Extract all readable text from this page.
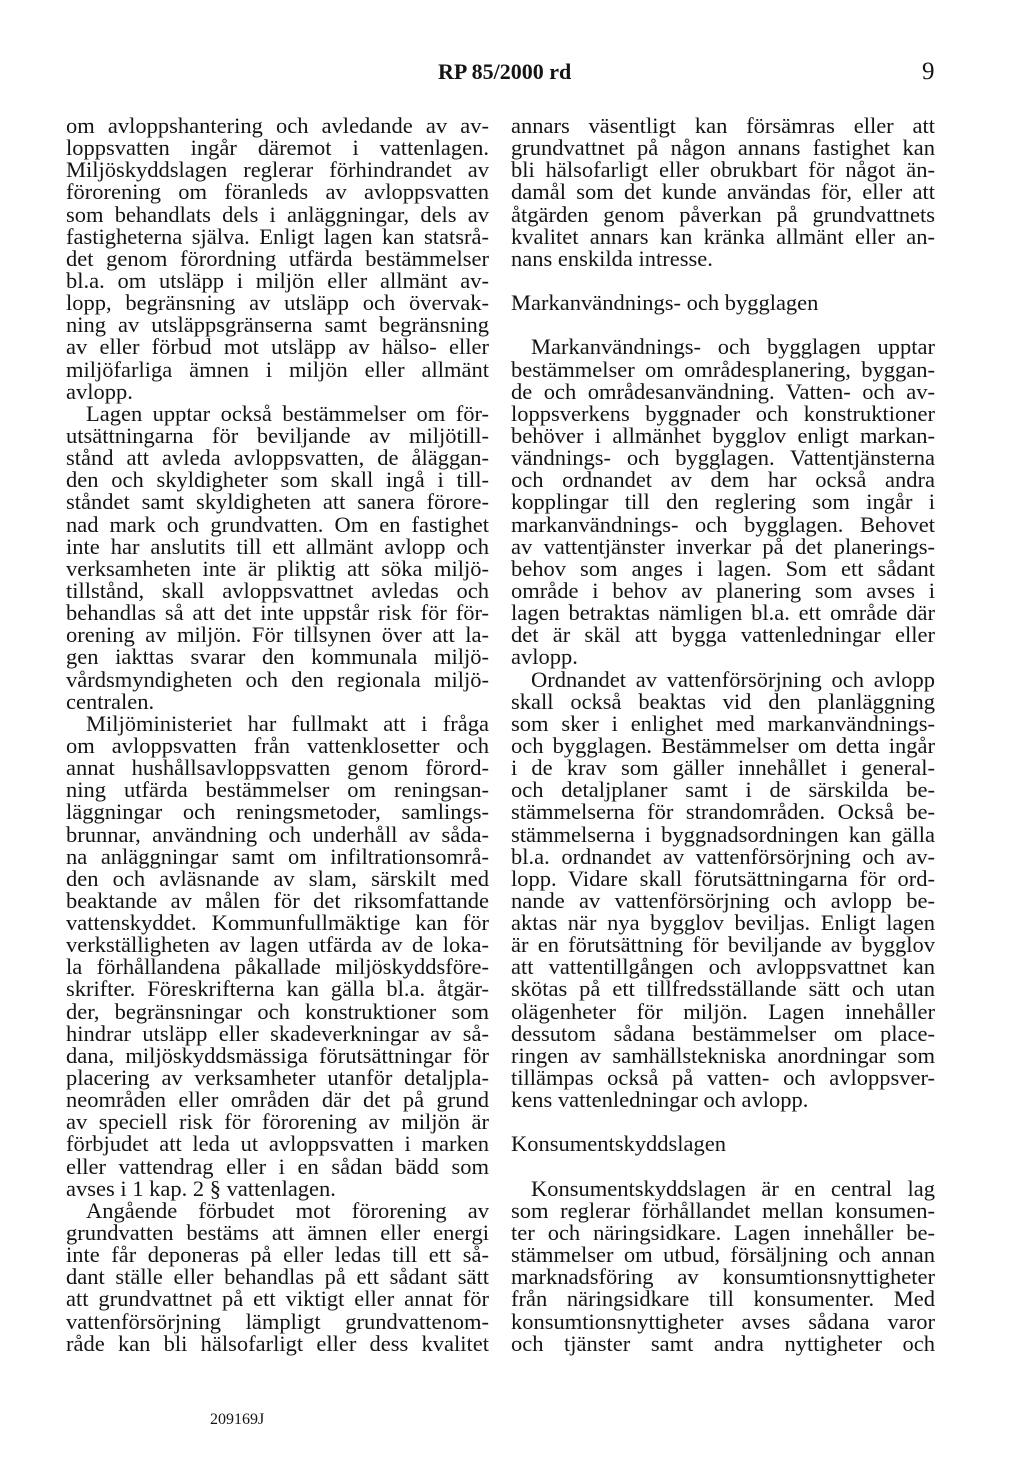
RP 85/2000 rd	9
om avloppshantering och avledande av av-
loppsvatten ingår däremot i vattenlagen.
Miljöskyddslagen reglerar förhindrandet av
förorening om föranleds av avloppsvatten
som behandlats dels i anläggningar, dels av
fastigheterna själva. Enligt lagen kan statsrå-
det genom förordning utfärda bestämmelser
bl.a. om utsläpp i miljön eller allmänt av-
lopp, begränsning av utsläpp och övervak-
ning av utsläppsgränserna samt begränsning
av eller förbud mot utsläpp av hälso- eller
miljöfarliga ämnen i miljön eller allmänt
avlopp.
Lagen upptar också bestämmelser om för-
utsättningarna för beviljande av miljötill-
stånd att avleda avloppsvatten, de åläggan-
den och skyldigheter som skall ingå i till-
ståndet samt skyldigheten att sanera förore-
nad mark och grundvatten. Om en fastighet
inte har anslutits till ett allmänt avlopp och
verksamheten inte är pliktig att söka miljö-
tillstånd, skall avloppsvattnet avledas och
behandlas så att det inte uppstår risk för för-
orening av miljön. För tillsynen över att la-
gen iakttas svarar den kommunala miljö-
vårdsmyndigheten och den regionala miljö-
centralen.
Miljöministeriet har fullmakt att i fråga
om avloppsvatten från vattenklosetter och
annat hushållsavloppsvatten genom förord-
ning utfärda bestämmelser om reningsan-
läggningar och reningsmetoder, samlings-
brunnar, användning och underhåll av såda-
na anläggningar samt om infiltrationsområ-
den och avläsnande av slam, särskilt med
beaktande av målen för det riksomfattande
vattenskyddet. Kommunfullmäktige kan för
verkställigheten av lagen utfärda av de loka-
la förhållandena påkallade miljöskyddsföre-
skrifter. Föreskrifterna kan gälla bl.a. åtgär-
der, begränsningar och konstruktioner som
hindrar utsläpp eller skadeverkningar av så-
dana, miljöskyddsmässiga förutsättningar för
placering av verksamheter utanför detaljpla-
neområden eller områden där det på grund
av speciell risk för förorening av miljön är
förbjudet att leda ut avloppsvatten i marken
eller vattendrag eller i en sådan bädd som
avses i 1 kap. 2 § vattenlagen.
Angående förbudet mot förorening av
grundvatten bestäms att ämnen eller energi
inte får deponeras på eller ledas till ett så-
dant ställe eller behandlas på ett sådant sätt
att grundvattnet på ett viktigt eller annat för
vattenförsörjning lämpligt grundvattenom-
råde kan bli hälsofarligt eller dess kvalitet
annars väsentligt kan försämras eller att
grundvattnet på någon annans fastighet kan
bli hälsofarligt eller obrukbart för något än-
damål som det kunde användas för, eller att
åtgärden genom påverkan på grundvattnets
kvalitet annars kan kränka allmänt eller an-
nans enskilda intresse.
Markanvändnings- och bygglagen
Markanvändnings- och bygglagen upptar
bestämmelser om områdesplanering, byggan-
de och områdesanvändning. Vatten- och av-
loppsverkens byggnader och konstruktioner
behöver i allmänhet bygglov enligt markan-
vändnings- och bygglagen. Vattentjänsterna
och ordnandet av dem har också andra
kopplingar till den reglering som ingår i
markanvändnings- och bygglagen. Behovet
av vattentjänster inverkar på det planerings-
behov som anges i lagen. Som ett sådant
område i behov av planering som avses i
lagen betraktas nämligen bl.a. ett område där
det är skäl att bygga vattenledningar eller
avlopp.
Ordnandet av vattenförsörjning och avlopp
skall också beaktas vid den planläggning
som sker i enlighet med markanvändnings-
och bygglagen. Bestämmelser om detta ingår
i de krav som gäller innehållet i general-
och detaljplaner samt i de särskilda be-
stämmelserna för strandområden. Också be-
stämmelserna i byggnadsordningen kan gälla
bl.a. ordnandet av vattenförsörjning och av-
lopp. Vidare skall förutsättningarna för ord-
nande av vattenförsörjning och avlopp be-
aktas när nya bygglov beviljas. Enligt lagen
är en förutsättning för beviljande av bygglov
att vattentillgången och avloppsvattnet kan
skötas på ett tillfredsställande sätt och utan
olägenheter för miljön. Lagen innehåller
dessutom sådana bestämmelser om place-
ringen av samhällstekniska anordningar som
tillämpas också på vatten- och avloppsver-
kens vattenledningar och avlopp.
Konsumentskyddslagen
Konsumentskyddslagen är en central lag
som reglerar förhållandet mellan konsumen-
ter och näringsidkare. Lagen innehåller be-
stämmelser om utbud, försäljning och annan
marknadsföring av konsumtionsnyttigheter
från näringsidkare till konsumenter. Med
konsumtionsnyttigheter avses sådana varor
och tjänster samt andra nyttigheter och
209169J
